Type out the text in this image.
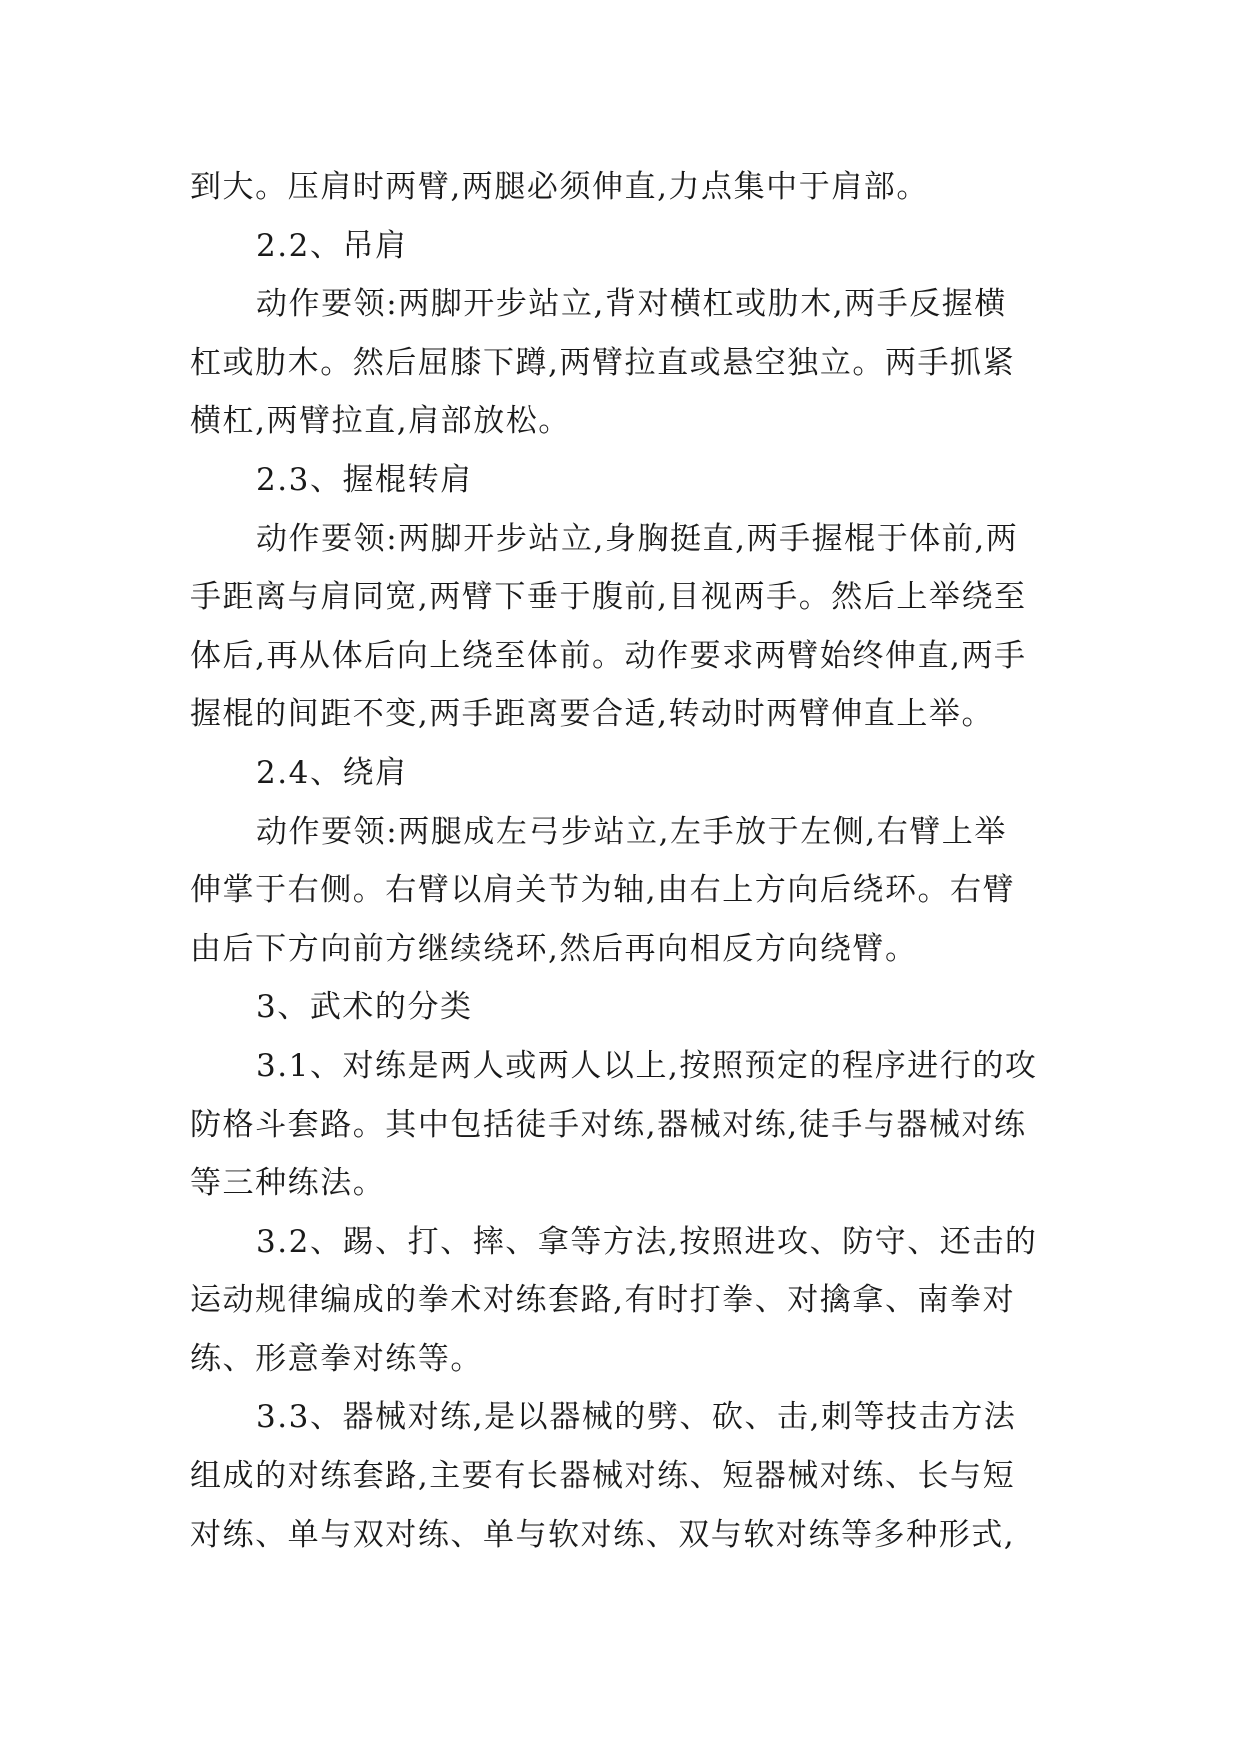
到大。压肩时两臂,两腿必须伸直,力点集中于肩部。
2.2、吊肩
动作要领:两脚开步站立,背对横杠或肋木,两手反握横
杠或肋木。然后屈膝下蹲,两臂拉直或悬空独立。两手抓紧
横杠,两臂拉直,肩部放松。
2.3、握棍转肩
动作要领:两脚开步站立,身胸挺直,两手握棍于体前,两
手距离与肩同宽,两臂下垂于腹前,目视两手。然后上举绕至
体后,再从体后向上绕至体前。动作要求两臂始终伸直,两手
握棍的间距不变,两手距离要合适,转动时两臂伸直上举。
2.4、绕肩
动作要领:两腿成左弓步站立,左手放于左侧,右臂上举
伸掌于右侧。右臂以肩关节为轴,由右上方向后绕环。右臂
由后下方向前方继续绕环,然后再向相反方向绕臂。
3、武术的分类
3.1、对练是两人或两人以上,按照预定的程序进行的攻
防格斗套路。其中包括徒手对练,器械对练,徒手与器械对练
等三种练法。
3.2、踢、打、摔、拿等方法,按照进攻、防守、还击的
运动规律编成的拳术对练套路,有时打拳、对擒拿、南拳对
练、形意拳对练等。
3.3、器械对练,是以器械的劈、砍、击,刺等技击方法
组成的对练套路,主要有长器械对练、短器械对练、长与短
对练、单与双对练、单与软对练、双与软对练等多种形式,
